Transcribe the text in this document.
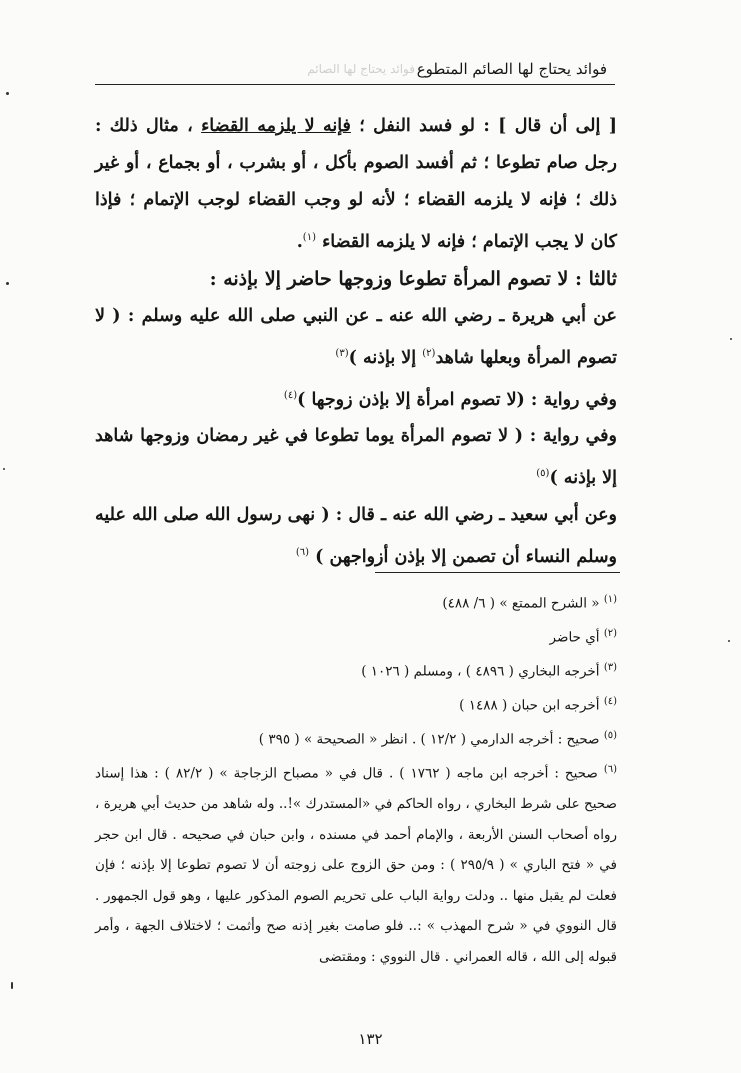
فوائد يحتاج لها الصائم المتطوع
فوائد يحتاج لها الصائم

[ إلى أن قال ] : لو فسد النفل ؛ فإنه لا يلزمه القضاء ، مثال ذلك : رجل صام تطوعا ؛ ثم أفسد الصوم بأكل ، أو بشرب ، أو بجماع ، أو غير ذلك ؛ فإنه لا يلزمه القضاء ؛ لأنه لو وجب القضاء لوجب الإتمام ؛ فإذا كان لا يجب الإتمام ؛ فإنه لا يلزمه القضاء $^{(١)}$.

ثالثا : لا تصوم المرأة تطوعا وزوجها حاضر إلا بإذنه :

عن أبي هريرة ـ رضي الله عنه ـ عن النبي صلى الله عليه وسلم : ( لا تصوم المرأة وبعلها شاهد$^{(٢)}$ إلا بإذنه )$^{(٣)}$

وفي رواية : (لا تصوم امرأة إلا بإذن زوجها )$^{(٤)}$

وفي رواية : ( لا تصوم المرأة يوما تطوعا في غير رمضان وزوجها شاهد إلا بإذنه )$^{(٥)}$

وعن أبي سعيد ـ رضي الله عنه ـ قال : ( نهى رسول الله صلى الله عليه وسلم النساء أن تصمن إلا بإذن أزواجهن ) $^{(٦)}$

$^{(١)}$ « الشرح الممتع » ( ٦/ ٤٨٨)

$^{(٢)}$ أي حاضر

$^{(٣)}$ أخرجه البخاري ( ٤٨٩٦ ) ، ومسلم ( ١٠٢٦ )

$^{(٤)}$ أخرجه ابن حبان ( ١٤٨٨ )

$^{(٥)}$ صحيح : أخرجه الدارمي ( ١٢/٢ ) . انظر « الصحيحة » ( ٣٩٥ )

$^{(٦)}$ صحيح : أخرجه ابن ماجه ( ١٧٦٢ ) . قال في « مصباح الزجاجة » ( ٨٢/٢ ) : هذا إسناد صحيح على شرط البخاري ، رواه الحاكم في «المستدرك »!.. وله شاهد من حديث أبي هريرة ، رواه أصحاب السنن الأربعة ، والإمام أحمد في مسنده ، وابن حبان في صحيحه . قال ابن حجر في « فتح الباري » ( ٢٩٥/٩ ) : ومن حق الزوج على زوجته أن لا تصوم تطوعا إلا بإذنه ؛ فإن فعلت لم يقبل منها .. ودلت رواية الباب على تحريم الصوم المذكور عليها ، وهو قول الجمهور . قال النووي في « شرح المهذب » :.. فلو صامت بغير إذنه صح وأثمت ؛ لاختلاف الجهة ، وأمر قبوله إلى الله ، قاله العمراني . قال النووي : ومقتضى

١٣٢
